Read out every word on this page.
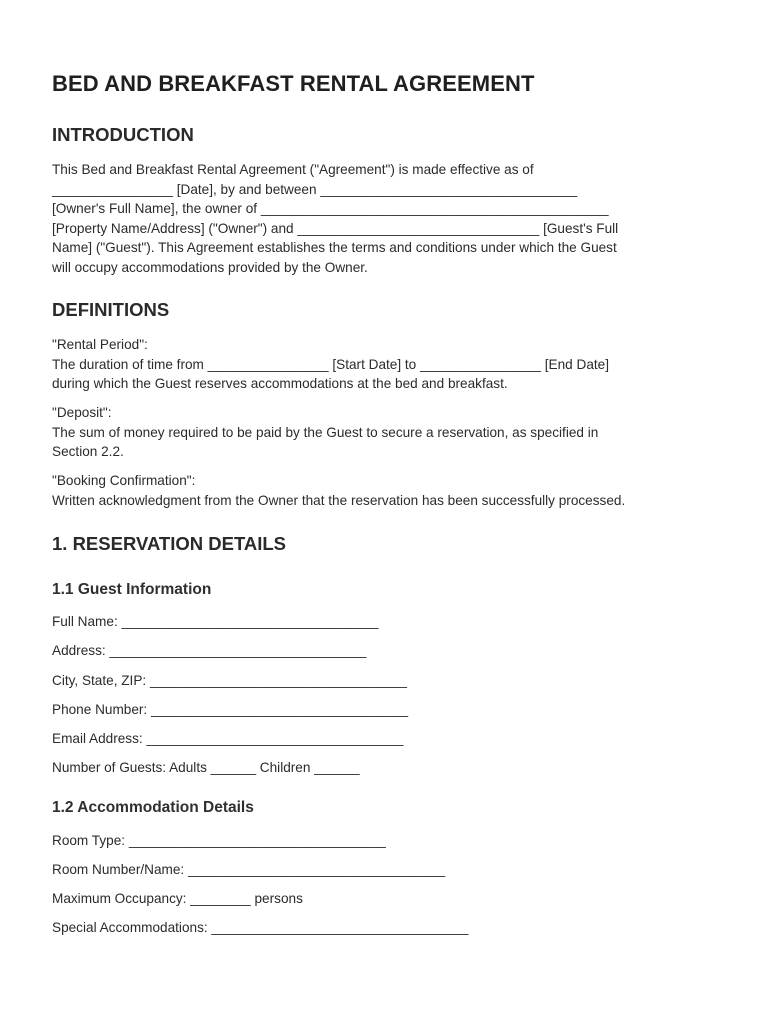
BED AND BREAKFAST RENTAL AGREEMENT
INTRODUCTION

This Bed and Breakfast Rental Agreement ("Agreement") is made effective as of

________________ [Date], by and between __________________________________

[Owner's Full Name], the owner of ______________________________________________

[Property Name/Address] ("Owner") and ________________________________ [Guest's Full

Name] ("Guest"). This Agreement establishes the terms and conditions under which the Guest

will occupy accommodations provided by the Owner.

DEFINITIONS

"Rental Period":

The duration of time from ________________ [Start Date] to ________________ [End Date]

during which the Guest reserves accommodations at the bed and breakfast.

"Deposit":

The sum of money required to be paid by the Guest to secure a reservation, as specified in

Section 2.2.

"Booking Confirmation":

Written acknowledgment from the Owner that the reservation has been successfully processed.

1. RESERVATION DETAILS
1.1 Guest Information

Full Name: __________________________________

Address: __________________________________

City, State, ZIP: __________________________________

Phone Number: __________________________________

Email Address: __________________________________

Number of Guests: Adults ______ Children ______

1.2 Accommodation Details

Room Type: __________________________________

Room Number/Name: __________________________________

Maximum Occupancy: ________ persons

Special Accommodations: __________________________________
